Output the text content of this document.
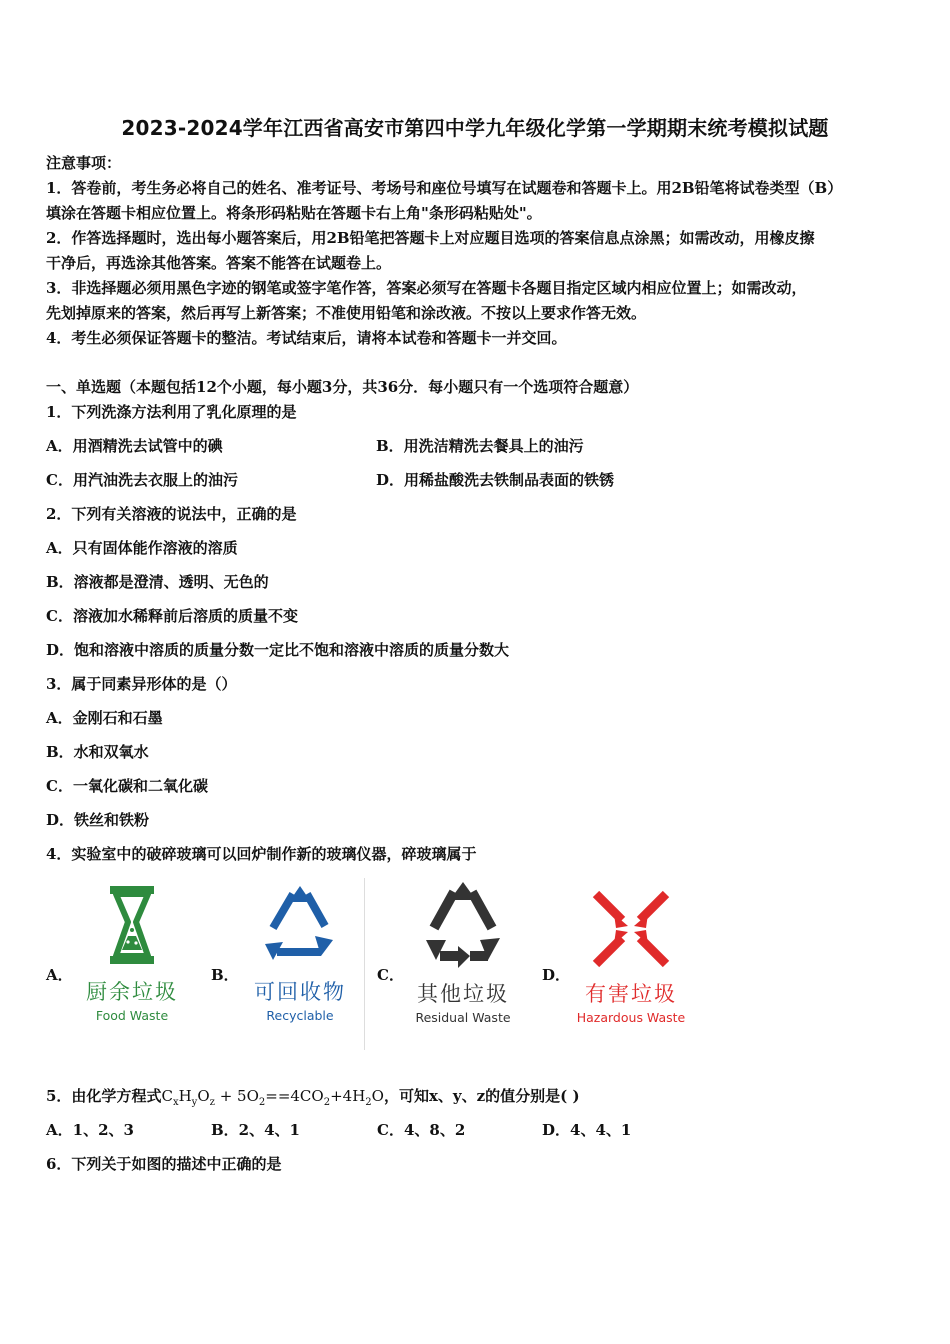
2023-2024学年江西省高安市第四中学九年级化学第一学期期末统考模拟试题
注意事项：
1．答卷前，考生务必将自己的姓名、准考证号、考场号和座位号填写在试题卷和答题卡上。用2B铅笔将试卷类型（B）
填涂在答题卡相应位置上。将条形码粘贴在答题卡右上角"条形码粘贴处"。
2．作答选择题时，选出每小题答案后，用2B铅笔把答题卡上对应题目选项的答案信息点涂黑；如需改动，用橡皮擦
干净后，再选涂其他答案。答案不能答在试题卷上。
3．非选择题必须用黑色字迹的钢笔或签字笔作答，答案必须写在答题卡各题目指定区域内相应位置上；如需改动，
先划掉原来的答案，然后再写上新答案；不准使用铅笔和涂改液。不按以上要求作答无效。
4．考生必须保证答题卡的整洁。考试结束后，请将本试卷和答题卡一并交回。
一、单选题（本题包括12个小题，每小题3分，共36分．每小题只有一个选项符合题意）
1．下列洗涤方法利用了乳化原理的是
A．用酒精洗去试管中的碘	B．用洗洁精洗去餐具上的油污
C．用汽油洗去衣服上的油污	D．用稀盐酸洗去铁制品表面的铁锈
2．下列有关溶液的说法中，正确的是
A．只有固体能作溶液的溶质
B．溶液都是澄清、透明、无色的
C．溶液加水稀释前后溶质的质量不变
D．饱和溶液中溶质的质量分数一定比不饱和溶液中溶质的质量分数大
3．属于同素异形体的是（）
A．金刚石和石墨
B．水和双氧水
C．一氧化碳和二氧化碳
D．铁丝和铁粉
4．实验室中的破碎玻璃可以回炉制作新的玻璃仪器，碎玻璃属于
A．	B．	C．	D．
厨余垃圾
Food Waste
可回收物
Recyclable
其他垃圾
Residual Waste
有害垃圾
Hazardous Waste
5．由化学方程式$C_xH_yO_z + 5O_2==4CO_2+4H_2O$，可知x、y、z的值分别是( )
A．1、2、3	B．2、4、1	C．4、8、2	D．4、4、1
6．下列关于如图的描述中正确的是
